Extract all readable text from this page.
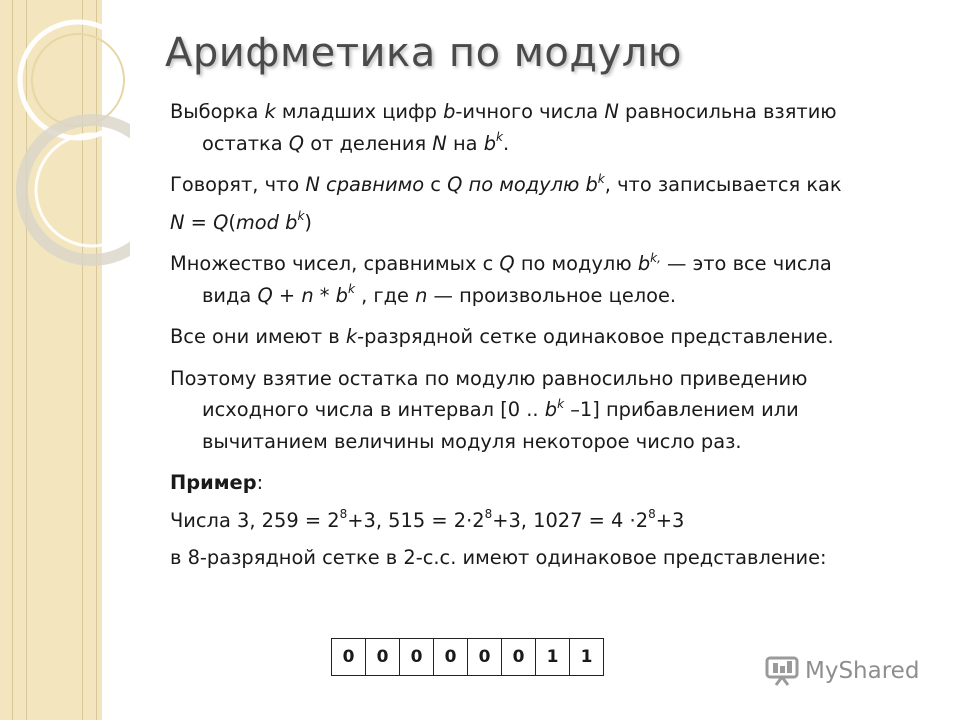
Арифметика по модулю

Выборка k младших цифр b-ичного числа N равносильна взятию
остатка Q от деления N на $b^k$.

Говорят, что N сравнимо с Q по модулю $b^k$, что записывается как

N = Q(mod $b^k$)

Множество чисел, сравнимых с Q по модулю $b^{k,}$ — это все числа
вида $Q + n * b^k$ , где n — произвольное целое.

Все они имеют в k-разрядной сетке одинаковое представление.

Поэтому взятие остатка по модулю равносильно приведению
исходного числа в интервал [0 .. $b^k$ –1] прибавлением или
вычитанием величины модуля некоторое число раз.

Пример:

Числа 3, $259 = 2^8+3$, $515 = 2\cdot 2^8+3$, $1027 = 4 \cdot 2^8+3$

в 8-разрядной сетке в 2-с.с. имеют одинаковое представление:

0	0	0	0	0	0	1	1
MyShared
